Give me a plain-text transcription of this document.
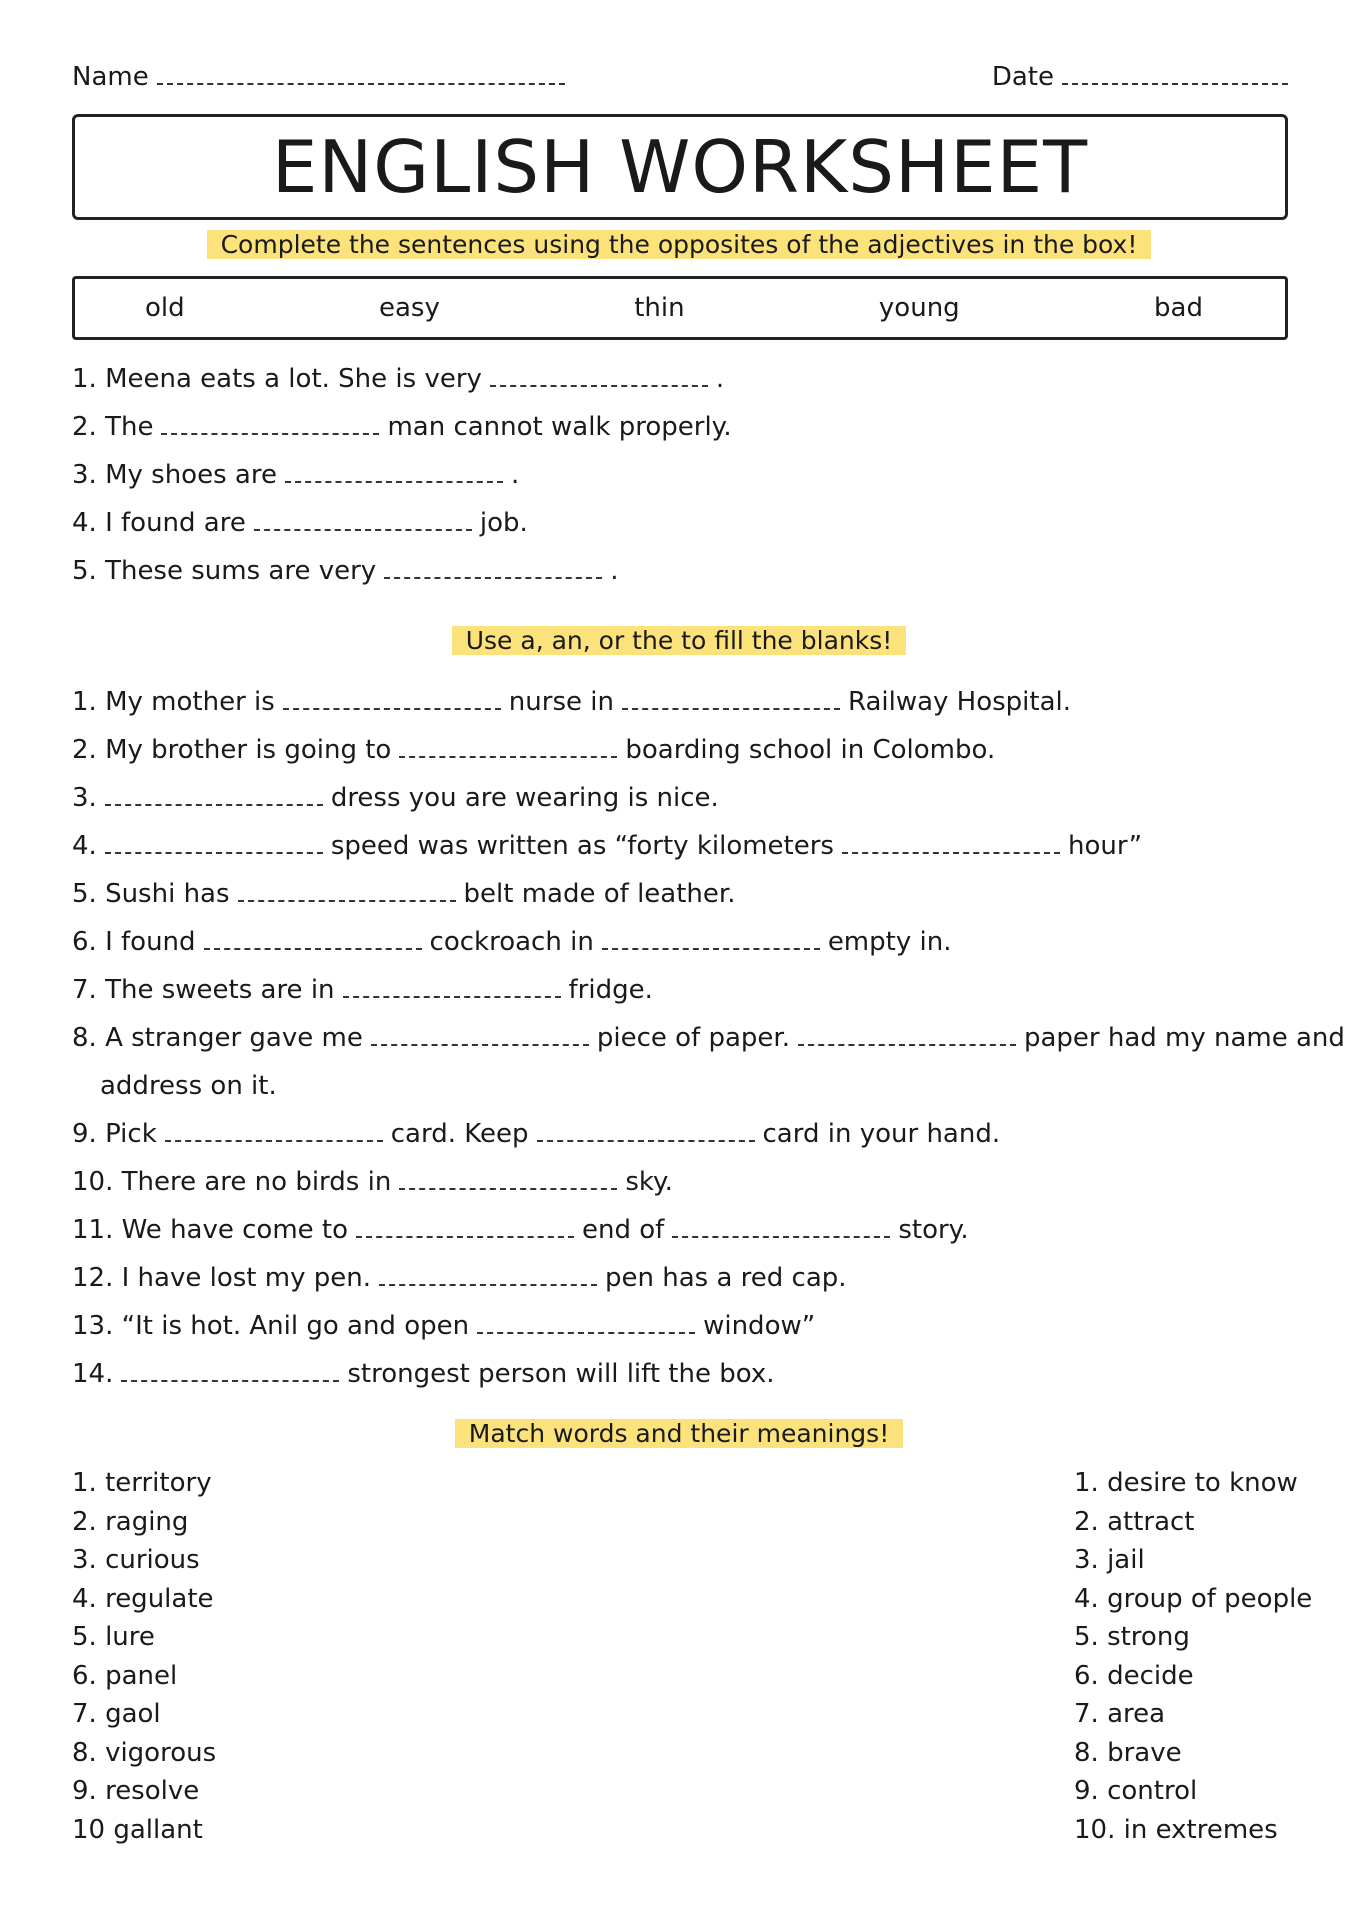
Name	Date
ENGLISH WORKSHEET
Complete the sentences using the opposites of the adjectives in the box!
old	easy	thin	young	bad
1. Meena eats a lot. She is very	.
2. The	man cannot walk properly.
3. My shoes are	.
4. I found are	job.
5. These sums are very	.
Use a, an, or the to fill the blanks!
1. My mother is	nurse in	Railway Hospital.
2. My brother is going to	boarding school in Colombo.
3.	dress you are wearing is nice.
4.	speed was written as “forty kilometers	hour”
5. Sushi has	belt made of leather.
6. I found	cockroach in	empty in.
7. The sweets are in	fridge.
8. A stranger gave me	piece of paper.	paper had my name and
address on it.
9. Pick	card. Keep	card in your hand.
10. There are no birds in	sky.
11. We have come to	end of	story.
12. I have lost my pen.	pen has a red cap.
13. “It is hot. Anil go and open	window”
14.	strongest person will lift the box.
Match words and their meanings!
1. territory
2. raging
3. curious
4. regulate
5. lure
6. panel
7. gaol
8. vigorous
9. resolve
10 gallant
1. desire to know
2. attract
3. jail
4. group of people
5. strong
6. decide
7. area
8. brave
9. control
10. in extremes
